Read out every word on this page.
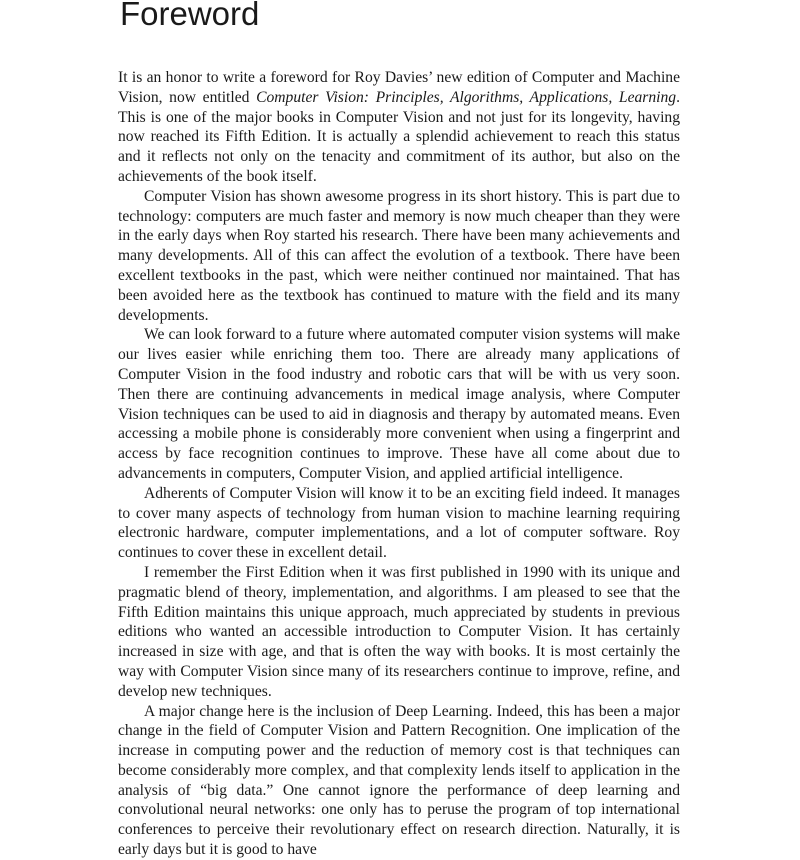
Foreword

It is an honor to write a foreword for Roy Davies’ new edition of Computer and Machine Vision, now entitled Computer Vision: Principles, Algorithms, Applications, Learning. This is one of the major books in Computer Vision and not just for its longevity, having now reached its Fifth Edition. It is actually a splendid achievement to reach this status and it reflects not only on the tenacity and commitment of its author, but also on the achievements of the book itself.

Computer Vision has shown awesome progress in its short history. This is part due to technology: computers are much faster and memory is now much cheaper than they were in the early days when Roy started his research. There have been many achievements and many developments. All of this can affect the evolution of a textbook. There have been excellent textbooks in the past, which were neither continued nor maintained. That has been avoided here as the textbook has continued to mature with the field and its many developments.

We can look forward to a future where automated computer vision systems will make our lives easier while enriching them too. There are already many applications of Computer Vision in the food industry and robotic cars that will be with us very soon. Then there are continuing advancements in medical image analysis, where Computer Vision techniques can be used to aid in diagnosis and therapy by automated means. Even accessing a mobile phone is considerably more convenient when using a fingerprint and access by face recognition continues to improve. These have all come about due to advancements in computers, Computer Vision, and applied artificial intelligence.

Adherents of Computer Vision will know it to be an exciting field indeed. It manages to cover many aspects of technology from human vision to machine learning requiring electronic hardware, computer implementations, and a lot of computer software. Roy continues to cover these in excellent detail.

I remember the First Edition when it was first published in 1990 with its unique and pragmatic blend of theory, implementation, and algorithms. I am pleased to see that the Fifth Edition maintains this unique approach, much appreciated by students in previous editions who wanted an accessible introduction to Computer Vision. It has certainly increased in size with age, and that is often the way with books. It is most certainly the way with Computer Vision since many of its researchers continue to improve, refine, and develop new techniques.

A major change here is the inclusion of Deep Learning. Indeed, this has been a major change in the field of Computer Vision and Pattern Recognition. One implication of the increase in computing power and the reduction of memory cost is that techniques can become considerably more complex, and that complexity lends itself to application in the analysis of “big data.” One cannot ignore the performance of deep learning and convolutional neural networks: one only has to peruse the program of top international conferences to perceive their revolutionary effect on research direction. Naturally, it is early days but it is good to have
